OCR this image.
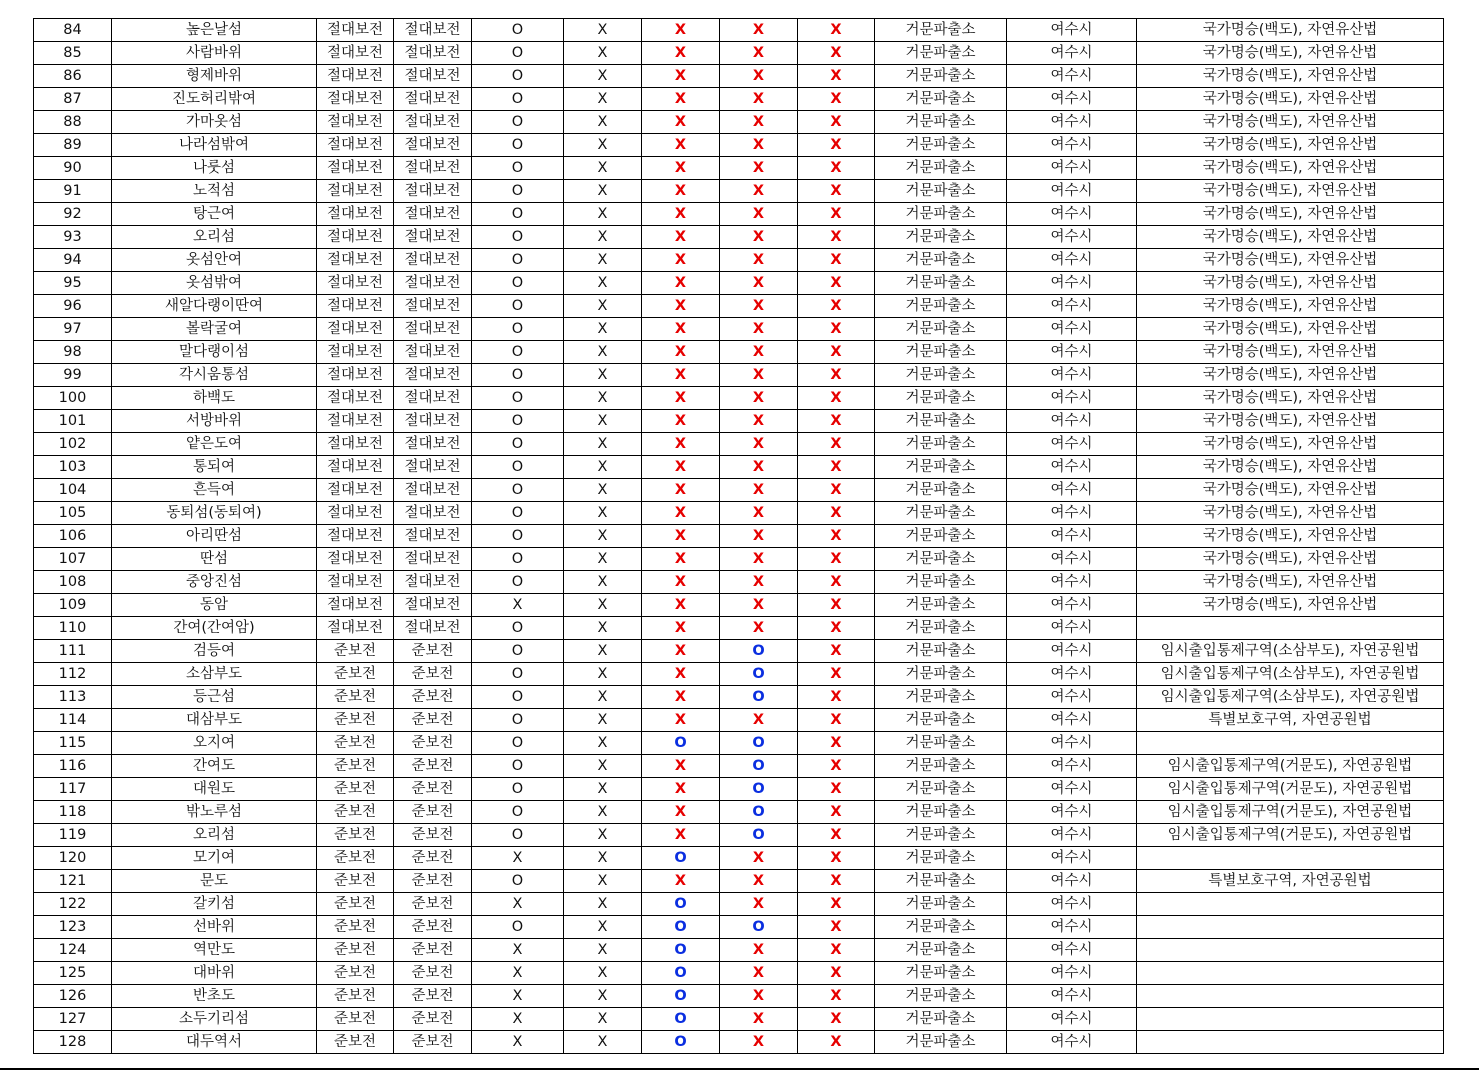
84	높은날섬	절대보전	절대보전	O	X	X	X	X	거문파출소	여수시	국가명승(백도), 자연유산법
85	사람바위	절대보전	절대보전	O	X	X	X	X	거문파출소	여수시	국가명승(백도), 자연유산법
86	형제바위	절대보전	절대보전	O	X	X	X	X	거문파출소	여수시	국가명승(백도), 자연유산법
87	진도허리밖여	절대보전	절대보전	O	X	X	X	X	거문파출소	여수시	국가명승(백도), 자연유산법
88	가마옷섬	절대보전	절대보전	O	X	X	X	X	거문파출소	여수시	국가명승(백도), 자연유산법
89	나라섬밖여	절대보전	절대보전	O	X	X	X	X	거문파출소	여수시	국가명승(백도), 자연유산법
90	나룻섬	절대보전	절대보전	O	X	X	X	X	거문파출소	여수시	국가명승(백도), 자연유산법
91	노적섬	절대보전	절대보전	O	X	X	X	X	거문파출소	여수시	국가명승(백도), 자연유산법
92	탕근여	절대보전	절대보전	O	X	X	X	X	거문파출소	여수시	국가명승(백도), 자연유산법
93	오리섬	절대보전	절대보전	O	X	X	X	X	거문파출소	여수시	국가명승(백도), 자연유산법
94	옷섬안여	절대보전	절대보전	O	X	X	X	X	거문파출소	여수시	국가명승(백도), 자연유산법
95	옷섬밖여	절대보전	절대보전	O	X	X	X	X	거문파출소	여수시	국가명승(백도), 자연유산법
96	새알다랭이딴여	절대보전	절대보전	O	X	X	X	X	거문파출소	여수시	국가명승(백도), 자연유산법
97	볼락굴여	절대보전	절대보전	O	X	X	X	X	거문파출소	여수시	국가명승(백도), 자연유산법
98	말다랭이섬	절대보전	절대보전	O	X	X	X	X	거문파출소	여수시	국가명승(백도), 자연유산법
99	각시움통섬	절대보전	절대보전	O	X	X	X	X	거문파출소	여수시	국가명승(백도), 자연유산법
100	하백도	절대보전	절대보전	O	X	X	X	X	거문파출소	여수시	국가명승(백도), 자연유산법
101	서방바위	절대보전	절대보전	O	X	X	X	X	거문파출소	여수시	국가명승(백도), 자연유산법
102	얕은도여	절대보전	절대보전	O	X	X	X	X	거문파출소	여수시	국가명승(백도), 자연유산법
103	통되여	절대보전	절대보전	O	X	X	X	X	거문파출소	여수시	국가명승(백도), 자연유산법
104	흔득여	절대보전	절대보전	O	X	X	X	X	거문파출소	여수시	국가명승(백도), 자연유산법
105	동퇴섬(동퇴여)	절대보전	절대보전	O	X	X	X	X	거문파출소	여수시	국가명승(백도), 자연유산법
106	아리딴섬	절대보전	절대보전	O	X	X	X	X	거문파출소	여수시	국가명승(백도), 자연유산법
107	딴섬	절대보전	절대보전	O	X	X	X	X	거문파출소	여수시	국가명승(백도), 자연유산법
108	중앙진섬	절대보전	절대보전	O	X	X	X	X	거문파출소	여수시	국가명승(백도), 자연유산법
109	동암	절대보전	절대보전	X	X	X	X	X	거문파출소	여수시	국가명승(백도), 자연유산법
110	간여(간여암)	절대보전	절대보전	O	X	X	X	X	거문파출소	여수시	
111	검등여	준보전	준보전	O	X	X	O	X	거문파출소	여수시	임시출입통제구역(소삼부도), 자연공원법
112	소삼부도	준보전	준보전	O	X	X	O	X	거문파출소	여수시	임시출입통제구역(소삼부도), 자연공원법
113	등근섬	준보전	준보전	O	X	X	O	X	거문파출소	여수시	임시출입통제구역(소삼부도), 자연공원법
114	대삼부도	준보전	준보전	O	X	X	X	X	거문파출소	여수시	특별보호구역, 자연공원법
115	오지여	준보전	준보전	O	X	O	O	X	거문파출소	여수시	
116	간여도	준보전	준보전	O	X	X	O	X	거문파출소	여수시	임시출입통제구역(거문도), 자연공원법
117	대원도	준보전	준보전	O	X	X	O	X	거문파출소	여수시	임시출입통제구역(거문도), 자연공원법
118	밖노루섬	준보전	준보전	O	X	X	O	X	거문파출소	여수시	임시출입통제구역(거문도), 자연공원법
119	오리섬	준보전	준보전	O	X	X	O	X	거문파출소	여수시	임시출입통제구역(거문도), 자연공원법
120	모기여	준보전	준보전	X	X	O	X	X	거문파출소	여수시	
121	문도	준보전	준보전	O	X	X	X	X	거문파출소	여수시	특별보호구역, 자연공원법
122	갈키섬	준보전	준보전	X	X	O	X	X	거문파출소	여수시	
123	선바위	준보전	준보전	O	X	O	O	X	거문파출소	여수시	
124	역만도	준보전	준보전	X	X	O	X	X	거문파출소	여수시	
125	대바위	준보전	준보전	X	X	O	X	X	거문파출소	여수시	
126	반초도	준보전	준보전	X	X	O	X	X	거문파출소	여수시	
127	소두기리섬	준보전	준보전	X	X	O	X	X	거문파출소	여수시	
128	대두역서	준보전	준보전	X	X	O	X	X	거문파출소	여수시	
